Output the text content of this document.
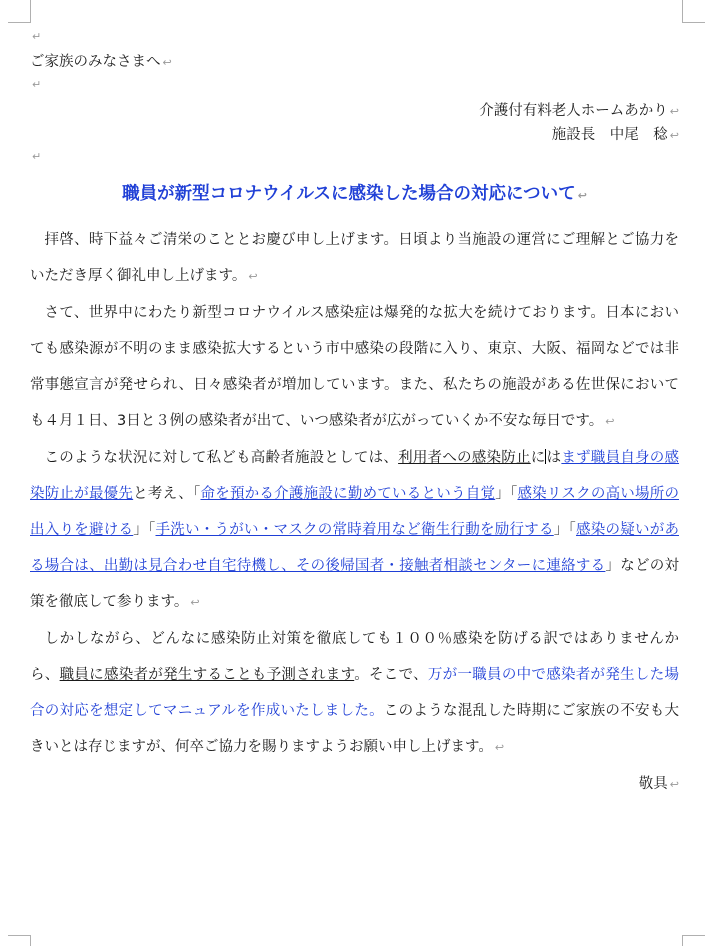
↵
ご家族のみなさまへ ↩
↵
介護付有料老人ホームあかり ↩
施設長　中尾　稔 ↩
↵
職員が新型コロナウイルスに感染した場合の対応について ↩

拝啓、時下益々ご清栄のこととお慶び申し上げます。日頃より当施設の運営にご理解とご協力をいただき厚く御礼申し上げます。 ↩

さて、世界中にわたり新型コロナウイルス感染症は爆発的な拡大を続けております。日本においても感染源が不明のまま感染拡大するという市中感染の段階に入り、東京、大阪、福岡などでは非常事態宣言が発せられ、日々感染者が増加しています。また、私たちの施設がある佐世保においても４月１日、3日と３例の感染者が出て、いつ感染者が広がっていくか不安な毎日です。 ↩

このような状況に対して私ども高齢者施設としては、利用者への感染防止にはまず職員自身の感染防止が最優先と考え、「命を預かる介護施設に勤めているという自覚」「感染リスクの高い場所の出入りを避ける」「手洗い・うがい・マスクの常時着用など衛生行動を励行する」「感染の疑いがある場合は、出勤は見合わせ自宅待機し、その後帰国者・接触者相談センターに連絡する」などの対策を徹底して参ります。 ↩

しかしながら、どんなに感染防止対策を徹底しても１００％感染を防げる訳ではありませんから、職員に感染者が発生することも予測されます。そこで、万が一職員の中で感染者が発生した場合の対応を想定してマニュアルを作成いたしました。このような混乱した時期にご家族の不安も大きいとは存じますが、何卒ご協力を賜りますようお願い申し上げます。 ↩

敬具 ↩
